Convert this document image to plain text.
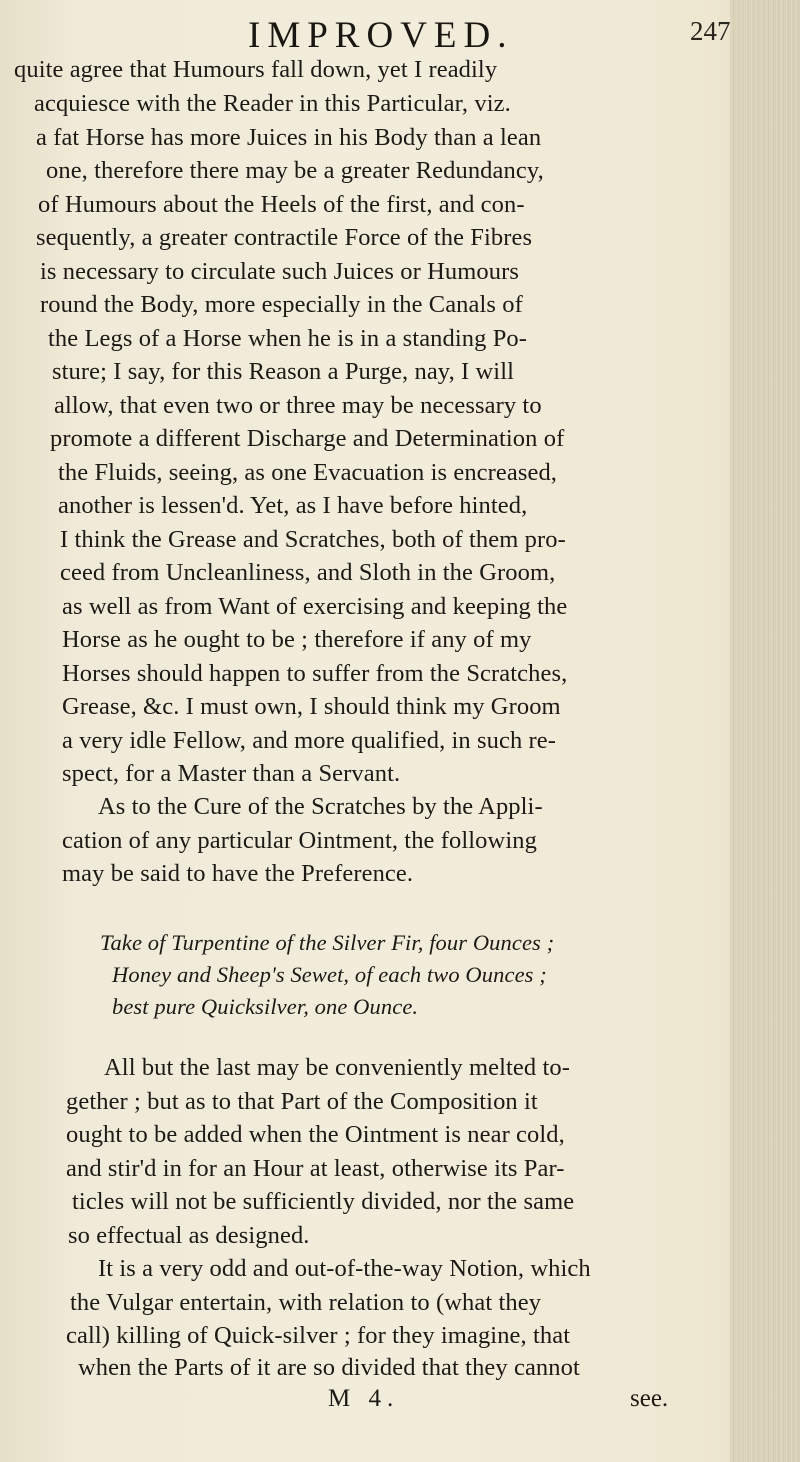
IMPROVED.	247
quite agree that Humours fall down, yet I readily
acquiesce with the Reader in this Particular, viz.
a fat Horse has more Juices in his Body than a lean
one, therefore there may be a greater Redundancy,
of Humours about the Heels of the first, and con-
sequently, a greater contractile Force of the Fibres
is necessary to circulate such Juices or Humours
round the Body, more especially in the Canals of
the Legs of a Horse when he is in a standing Po-
sture; I say, for this Reason a Purge, nay, I will
allow, that even two or three may be necessary to
promote a different Discharge and Determination of
the Fluids, seeing, as one Evacuation is encreased,
another is lessen'd. Yet, as I have before hinted,
I think the Grease and Scratches, both of them pro-
ceed from Uncleanliness, and Sloth in the Groom,
as well as from Want of exercising and keeping the
Horse as he ought to be ; therefore if any of my
Horses should happen to suffer from the Scratches,
Grease, &c. I must own, I should think my Groom
a very idle Fellow, and more qualified, in such re-
spect, for a Master than a Servant.
As to the Cure of the Scratches by the Appli-
cation of any particular Ointment, the following
may be said to have the Preference.
Take of Turpentine of the Silver Fir, four Ounces ;
Honey and Sheep's Sewet, of each two Ounces ;
best pure Quicksilver, one Ounce.
All but the last may be conveniently melted to-
gether ; but as to that Part of the Composition it
ought to be added when the Ointment is near cold,
and stir'd in for an Hour at least, otherwise its Par-
ticles will not be sufficiently divided, nor the same
so effectual as designed.
It is a very odd and out-of-the-way Notion, which
the Vulgar entertain, with relation to (what they
call) killing of Quick-silver ; for they imagine, that
when the Parts of it are so divided that they cannot
M 4.	see.
